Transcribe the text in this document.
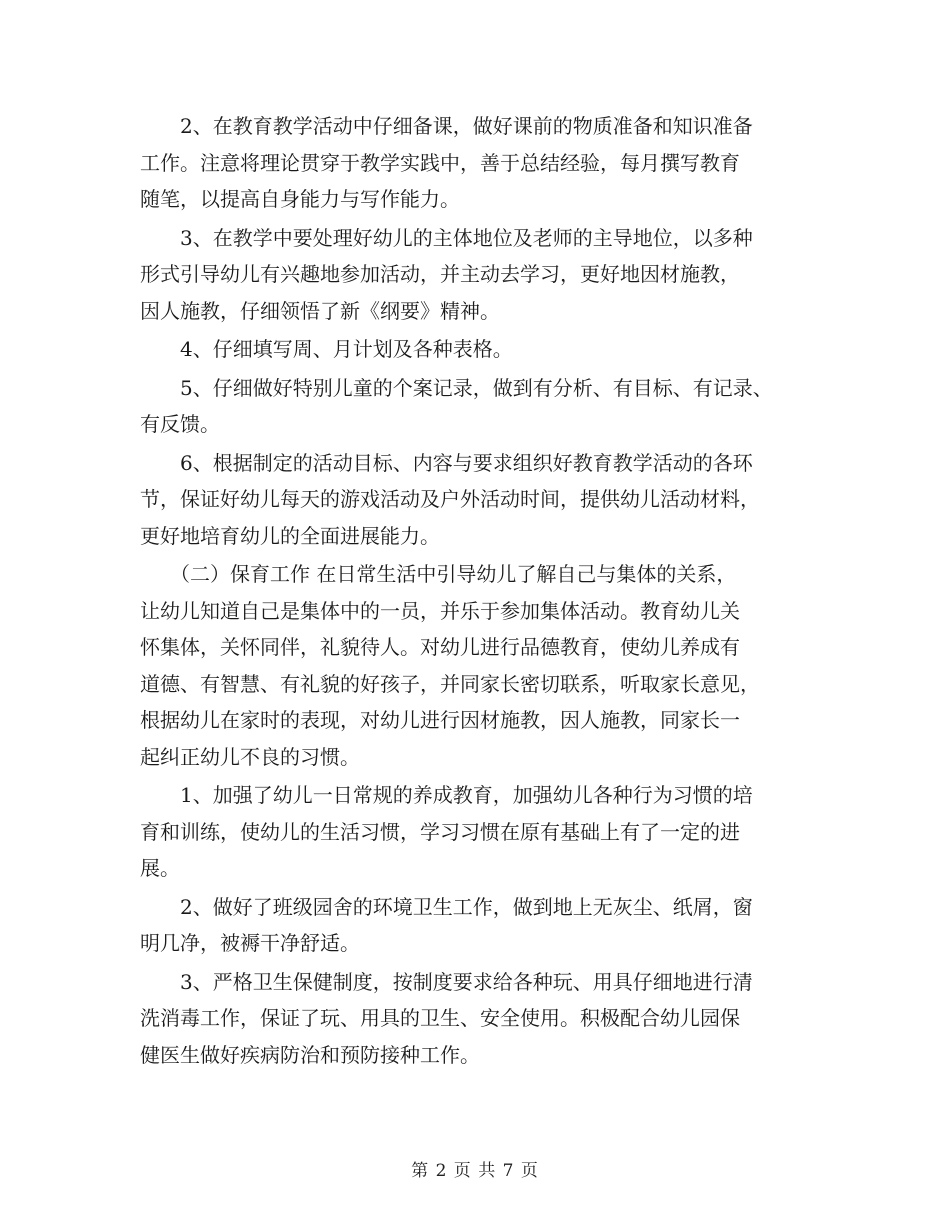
　　2、在教育教学活动中仔细备课，做好课前的物质准备和知识准备
工作。注意将理论贯穿于教学实践中，善于总结经验，每月撰写教育
随笔，以提高自身能力与写作能力。

　　3、在教学中要处理好幼儿的主体地位及老师的主导地位，以多种
形式引导幼儿有兴趣地参加活动，并主动去学习，更好地因材施教，
因人施教，仔细领悟了新《纲要》精神。

　　4、仔细填写周、月计划及各种表格。

　　5、仔细做好特别儿童的个案记录，做到有分析、有目标、有记录、
有反馈。

　　6、根据制定的活动目标、内容与要求组织好教育教学活动的各环
节，保证好幼儿每天的游戏活动及户外活动时间，提供幼儿活动材料，
更好地培育幼儿的全面进展能力。

　　（二）保育工作 在日常生活中引导幼儿了解自己与集体的关系，
让幼儿知道自己是集体中的一员，并乐于参加集体活动。教育幼儿关
怀集体，关怀同伴，礼貌待人。对幼儿进行品德教育，使幼儿养成有
道德、有智慧、有礼貌的好孩子，并同家长密切联系，听取家长意见，
根据幼儿在家时的表现，对幼儿进行因材施教，因人施教，同家长一
起纠正幼儿不良的习惯。

　　1、加强了幼儿一日常规的养成教育，加强幼儿各种行为习惯的培
育和训练，使幼儿的生活习惯，学习习惯在原有基础上有了一定的进
展。

　　2、做好了班级园舍的环境卫生工作，做到地上无灰尘、纸屑，窗
明几净，被褥干净舒适。

　　3、严格卫生保健制度，按制度要求给各种玩、用具仔细地进行清
洗消毒工作，保证了玩、用具的卫生、安全使用。积极配合幼儿园保
健医生做好疾病防治和预防接种工作。

第 2 页 共 7 页
